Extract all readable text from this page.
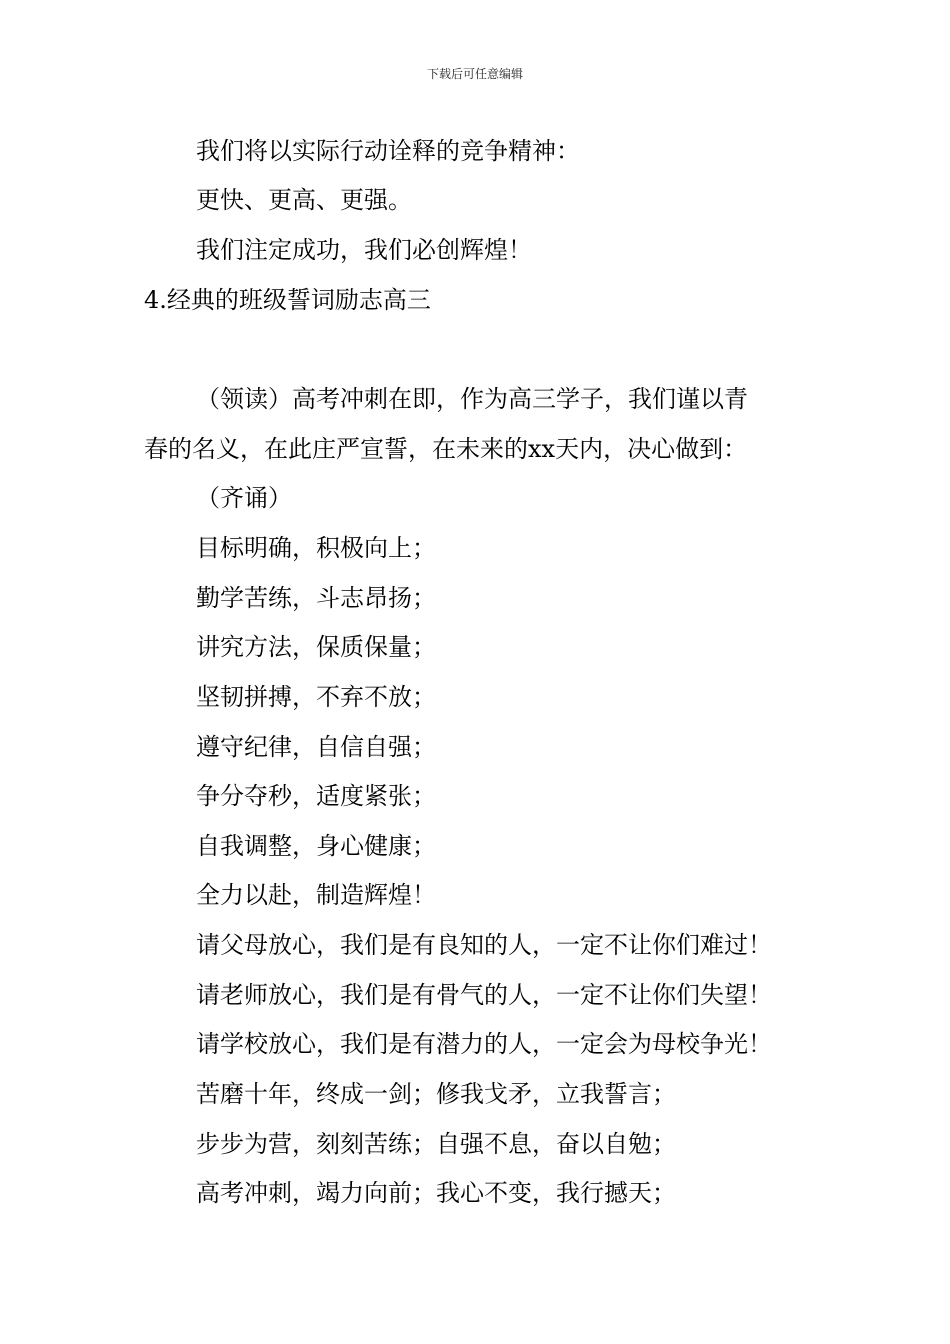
下载后可任意编辑
我们将以实际行动诠释的竞争精神：
更快、更高、更强。
我们注定成功，我们必创辉煌！
4.经典的班级誓词励志高三
（领读）高考冲刺在即，作为高三学子，我们谨以青
春的名义，在此庄严宣誓，在未来的xx天内，决心做到：
（齐诵）
目标明确，积极向上；
勤学苦练，斗志昂扬；
讲究方法，保质保量；
坚韧拼搏，不弃不放；
遵守纪律，自信自强；
争分夺秒，适度紧张；
自我调整，身心健康；
全力以赴，制造辉煌！
请父母放心，我们是有良知的人，一定不让你们难过！
请老师放心，我们是有骨气的人，一定不让你们失望！
请学校放心，我们是有潜力的人，一定会为母校争光！
苦磨十年，终成一剑；修我戈矛，立我誓言；
步步为营，刻刻苦练；自强不息，奋以自勉；
高考冲刺，竭力向前；我心不变，我行撼天；
